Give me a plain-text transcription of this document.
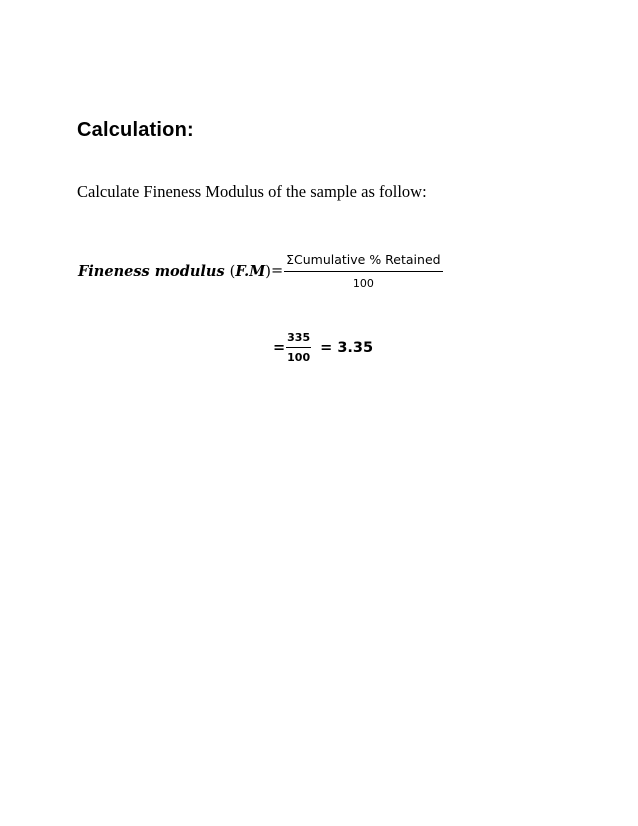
Calculation:
Calculate Fineness Modulus of the sample as follow:
Fineness modulus $(F.M) = \frac{\text{ΣCumulative \% Retained}}{100}$
= $\frac{335}{100} = 3.35$
